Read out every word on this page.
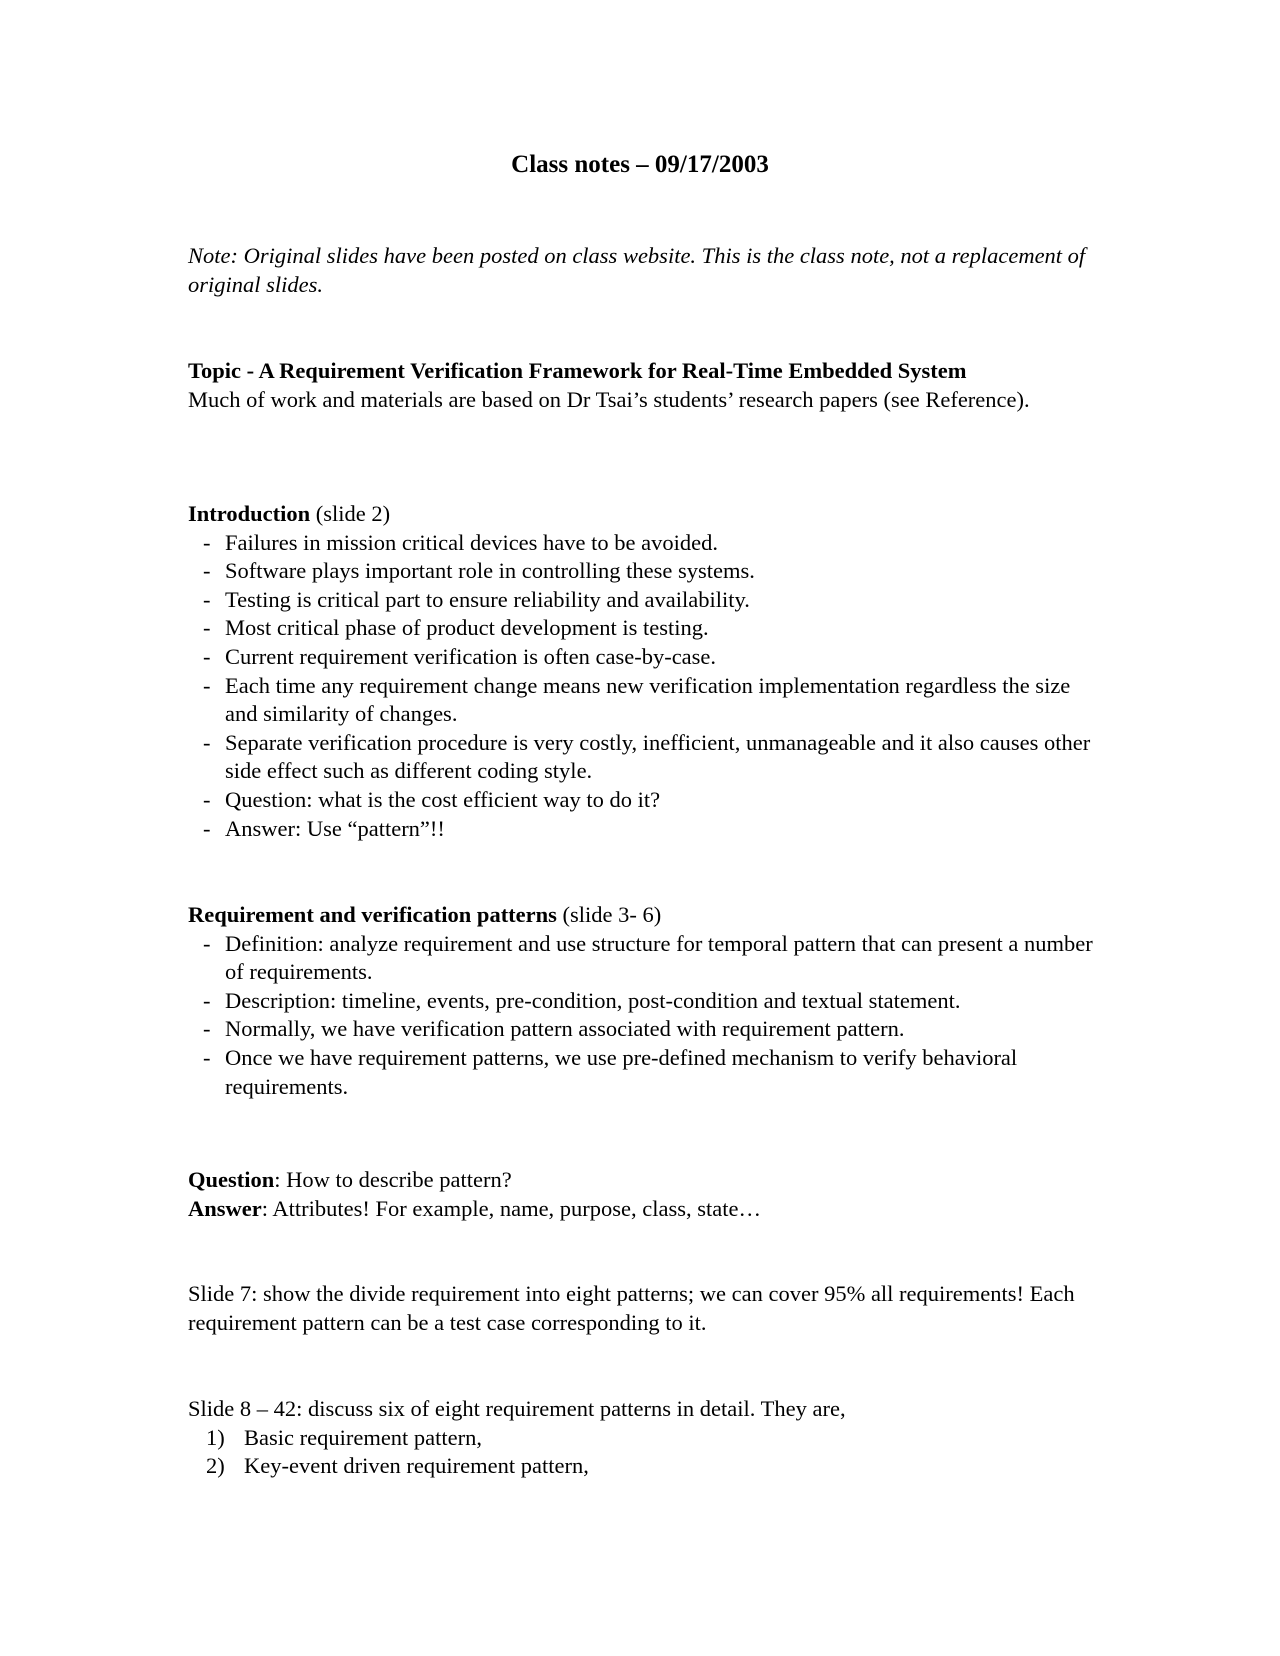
Class notes – 09/17/2003

Note: Original slides have been posted on class website. This is the class note, not a replacement of original slides.

Topic - A Requirement Verification Framework for Real-Time Embedded System

Much of work and materials are based on Dr Tsai’s students’ research papers (see Reference).

Introduction (slide 2)

- Failures in mission critical devices have to be avoided.
- Software plays important role in controlling these systems.
- Testing is critical part to ensure reliability and availability.
- Most critical phase of product development is testing.
- Current requirement verification is often case-by-case.
- Each time any requirement change means new verification implementation regardless the size and similarity of changes.
- Separate verification procedure is very costly, inefficient, unmanageable and it also causes other side effect such as different coding style.
- Question: what is the cost efficient way to do it?
- Answer: Use “pattern”!!

Requirement and verification patterns (slide 3- 6)

- Definition: analyze requirement and use structure for temporal pattern that can present a number of requirements.
- Description: timeline, events, pre-condition, post-condition and textual statement.
- Normally, we have verification pattern associated with requirement pattern.
- Once we have requirement patterns, we use pre-defined mechanism to verify behavioral requirements.

Question: How to describe pattern?

Answer: Attributes! For example, name, purpose, class, state…

Slide 7: show the divide requirement into eight patterns; we can cover 95% all requirements! Each requirement pattern can be a test case corresponding to it.

Slide 8 – 42: discuss six of eight requirement patterns in detail. They are,

1) Basic requirement pattern,
2) Key-event driven requirement pattern,
